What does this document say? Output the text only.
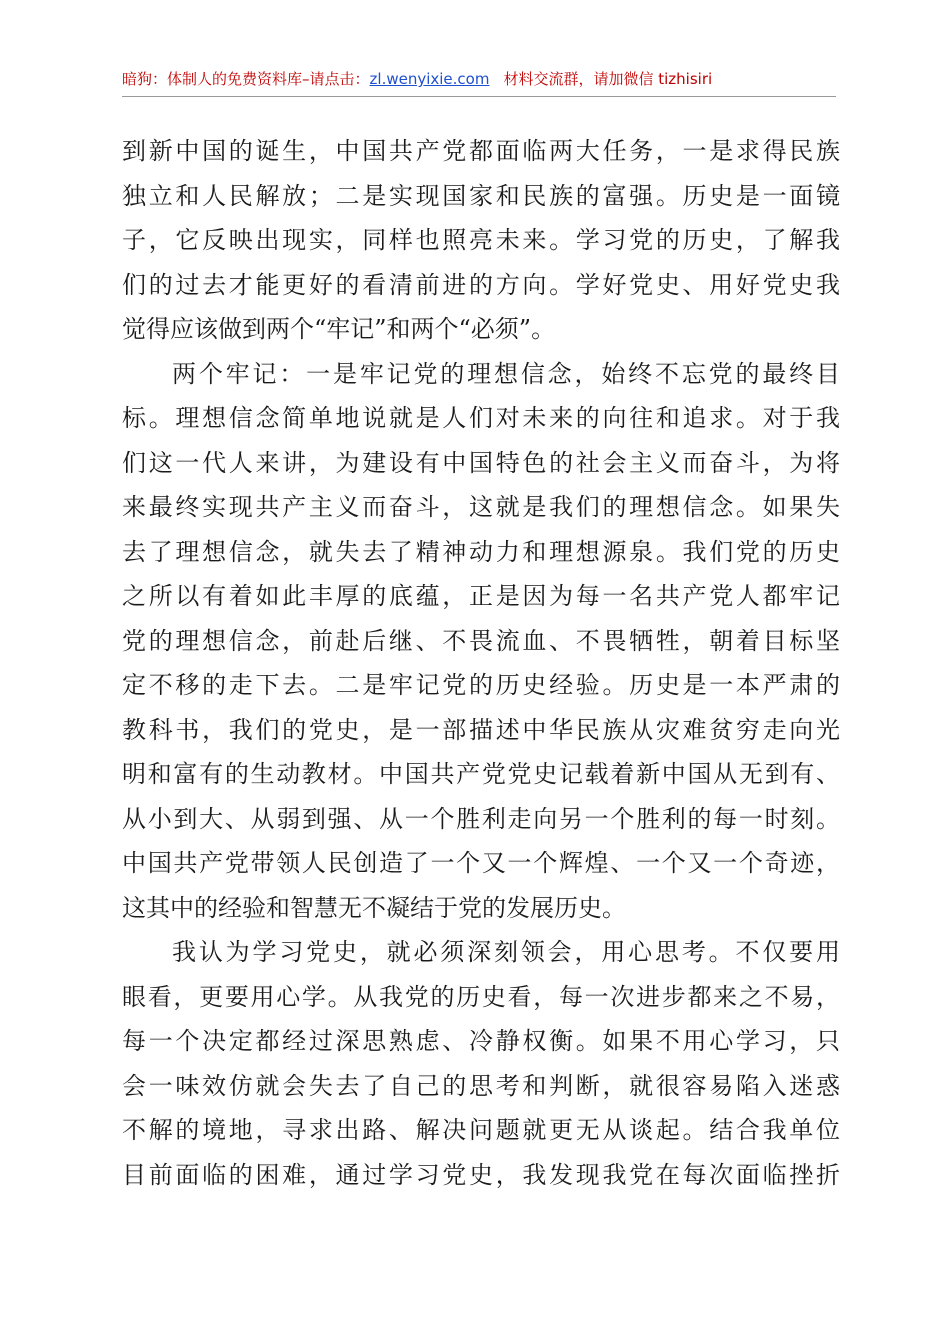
暗狗：体制人的免费资料库–请点击：zl.wenyixie.com 材料交流群，请加微信 tizhisiri
到新中国的诞生，中国共产党都面临两大任务，一是求得民族
独立和人民解放；二是实现国家和民族的富强。历史是一面镜
子，它反映出现实，同样也照亮未来。学习党的历史，了解我
们的过去才能更好的看清前进的方向。学好党史、用好党史我
觉得应该做到两个“牢记”和两个“必须”。
两个牢记：一是牢记党的理想信念，始终不忘党的最终目
标。理想信念简单地说就是人们对未来的向往和追求。对于我
们这一代人来讲，为建设有中国特色的社会主义而奋斗，为将
来最终实现共产主义而奋斗，这就是我们的理想信念。如果失
去了理想信念，就失去了精神动力和理想源泉。我们党的历史
之所以有着如此丰厚的底蕴，正是因为每一名共产党人都牢记
党的理想信念，前赴后继、不畏流血、不畏牺牲，朝着目标坚
定不移的走下去。二是牢记党的历史经验。历史是一本严肃的
教科书，我们的党史，是一部描述中华民族从灾难贫穷走向光
明和富有的生动教材。中国共产党党史记载着新中国从无到有、
从小到大、从弱到强、从一个胜利走向另一个胜利的每一时刻。
中国共产党带领人民创造了一个又一个辉煌、一个又一个奇迹，
这其中的经验和智慧无不凝结于党的发展历史。
我认为学习党史，就必须深刻领会，用心思考。不仅要用
眼看，更要用心学。从我党的历史看，每一次进步都来之不易，
每一个决定都经过深思熟虑、冷静权衡。如果不用心学习，只
会一味效仿就会失去了自己的思考和判断，就很容易陷入迷惑
不解的境地，寻求出路、解决问题就更无从谈起。结合我单位
目前面临的困难，通过学习党史，我发现我党在每次面临挫折
